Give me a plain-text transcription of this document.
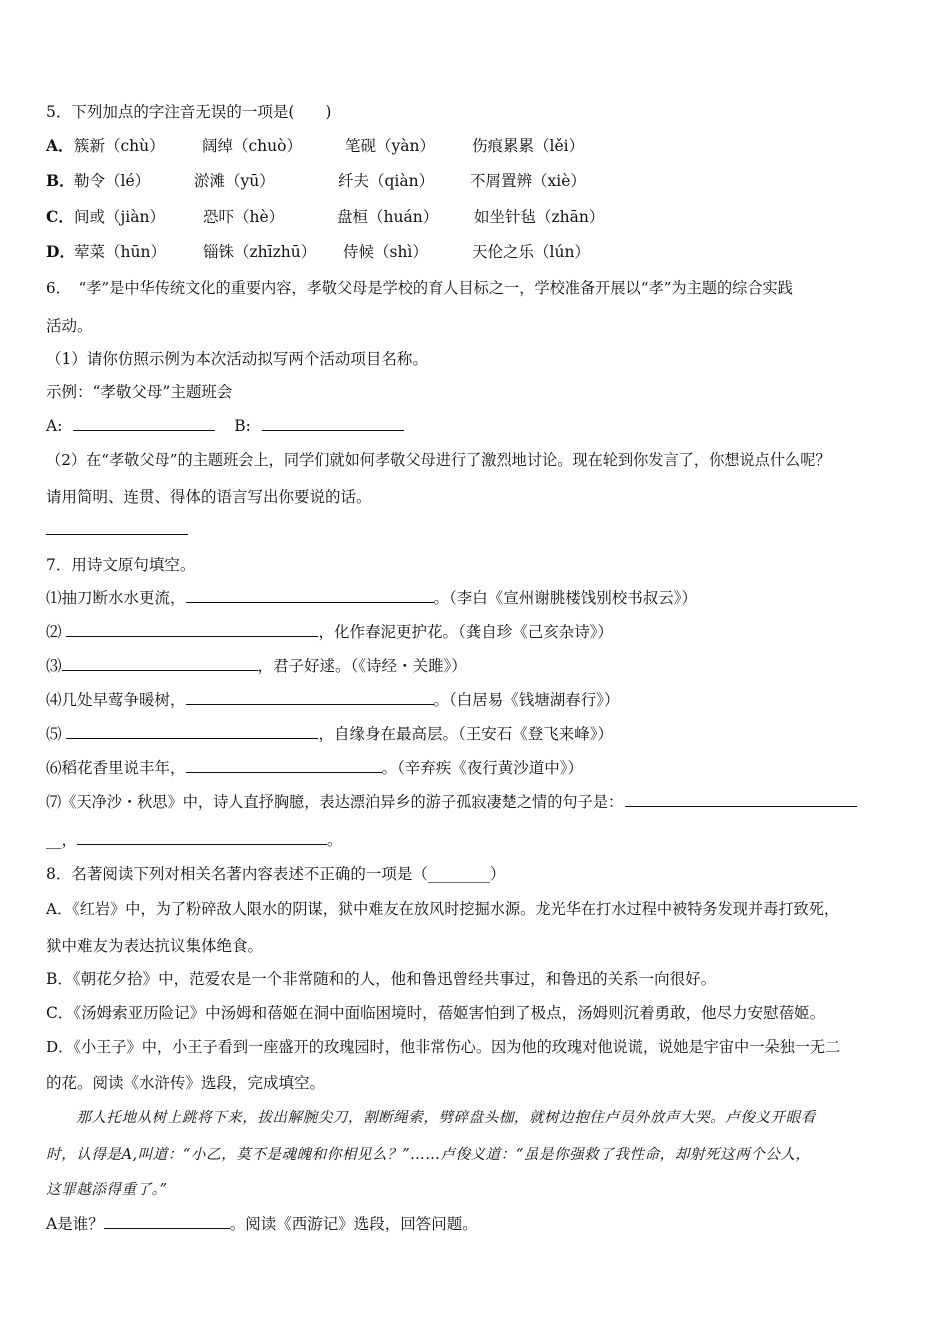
5．下列加点的字注音无误的一项是(　　)
A． 簇新（chù） 阔绰（chuò）	笔砚（yàn） 伤痕累累（lěi）
B． 勒令（lé）	淤滩（yū）	纤夫（qiàn） 不屑置辨（xiè）
C． 间或（jiàn） 恐吓（hè）	盘桓（huán） 如坐针毡（zhān）
D． 荤菜（hūn） 锱铢（zhīzhū） 侍候（shì）	天伦之乐（lún）
6．　“孝”是中华传统文化的重要内容，孝敬父母是学校的育人目标之一，学校准备开展以“孝”为主题的综合实践
活动。
（1）请你仿照示例为本次活动拟写两个活动项目名称。
示例：“孝敬父母”主题班会
A:	B:
（2）在“孝敬父母”的主题班会上，同学们就如何孝敬父母进行了激烈地讨论。现在轮到你发言了，你想说点什么呢？
请用简明、连贯、得体的语言写出你要说的话。
7．用诗文原句填空。
⑴抽刀断水水更流，	。（李白《宣州谢朓楼饯别校书叔云》）
⑵	，化作春泥更护花。（龚自珍《己亥杂诗》）
⑶	，君子好逑。（《诗经・关雎》）
⑷几处早莺争暖树，	。（白居易《钱塘湖春行》）
⑸	，自缘身在最高层。（王安石《登飞来峰》）
⑹稻花香里说丰年，	。（辛弃疾《夜行黄沙道中》）
⑺《天净沙・秋思》中，诗人直抒胸臆，表达漂泊异乡的游子孤寂凄楚之情的句子是：
__，	。
8．名著阅读下列对相关名著内容表述不正确的一项是（________）
A．《红岩》中，为了粉碎敌人限水的阴谋，狱中难友在放风时挖掘水源。龙光华在打水过程中被特务发现并毒打致死，
狱中难友为表达抗议集体绝食。
B．《朝花夕拾》中，范爱农是一个非常随和的人，他和鲁迅曾经共事过，和鲁迅的关系一向很好。
C．《汤姆索亚历险记》中汤姆和蓓姬在洞中面临困境时，蓓姬害怕到了极点，汤姆则沉着勇敢，他尽力安慰蓓姬。
D．《小王子》中，小王子看到一座盛开的玫瑰园时，他非常伤心。因为他的玫瑰对他说谎，说她是宇宙中一朵独一无二
的花。阅读《水浒传》选段，完成填空。
　　那人托地从树上跳将下来，拔出解腕尖刀，割断绳索，劈碎盘头枷，就树边抱住卢员外放声大哭。卢俊义开眼看
时，认得是A,叫道：“小乙，莫不是魂魄和你相见么？”……卢俊义道：“虽是你强救了我性命，却射死这两个公人，
这罪越添得重了。”
A是谁？	。阅读《西游记》选段，回答问题。
